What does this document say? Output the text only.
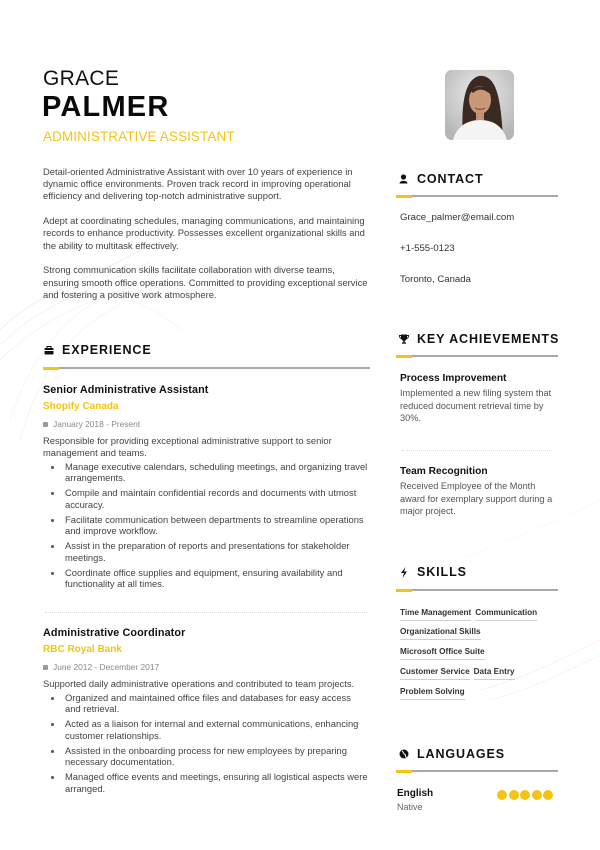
GRACE
PALMER
ADMINISTRATIVE ASSISTANT

Detail-oriented Administrative Assistant with over 10 years of experience in dynamic office environments. Proven track record in improving operational efficiency and delivering top-notch administrative support.

Adept at coordinating schedules, managing communications, and maintaining records to enhance productivity. Possesses excellent organizational skills and the ability to multitask effectively.

Strong communication skills facilitate collaboration with diverse teams, ensuring smooth office operations. Committed to providing exceptional service and fostering a positive work atmosphere.

EXPERIENCE
Senior Administrative Assistant
Shopify Canada
January 2018 - Present
Responsible for providing exceptional administrative support to senior management and teams.
Manage executive calendars, scheduling meetings, and organizing travel arrangements.
Compile and maintain confidential records and documents with utmost accuracy.
Facilitate communication between departments to streamline operations and improve workflow.
Assist in the preparation of reports and presentations for stakeholder meetings.
Coordinate office supplies and equipment, ensuring availability and functionality at all times.
Administrative Coordinator
RBC Royal Bank
June 2012 - December 2017
Supported daily administrative operations and contributed to team projects.
Organized and maintained office files and databases for easy access and retrieval.
Acted as a liaison for internal and external communications, enhancing customer relationships.
Assisted in the onboarding process for new employees by preparing necessary documentation.
Managed office events and meetings, ensuring all logistical aspects were arranged.
CONTACT
Grace_palmer@email.com
+1-555-0123
Toronto, Canada
KEY ACHIEVEMENTS
Process Improvement
Implemented a new filing system that reduced document retrieval time by 30%.
Team Recognition
Received Employee of the Month award for exemplary support during a major project.
SKILLS
Time Management Communication
Organizational Skills
Microsoft Office Suite
Customer Service Data Entry
Problem Solving
LANGUAGES
English
Native
